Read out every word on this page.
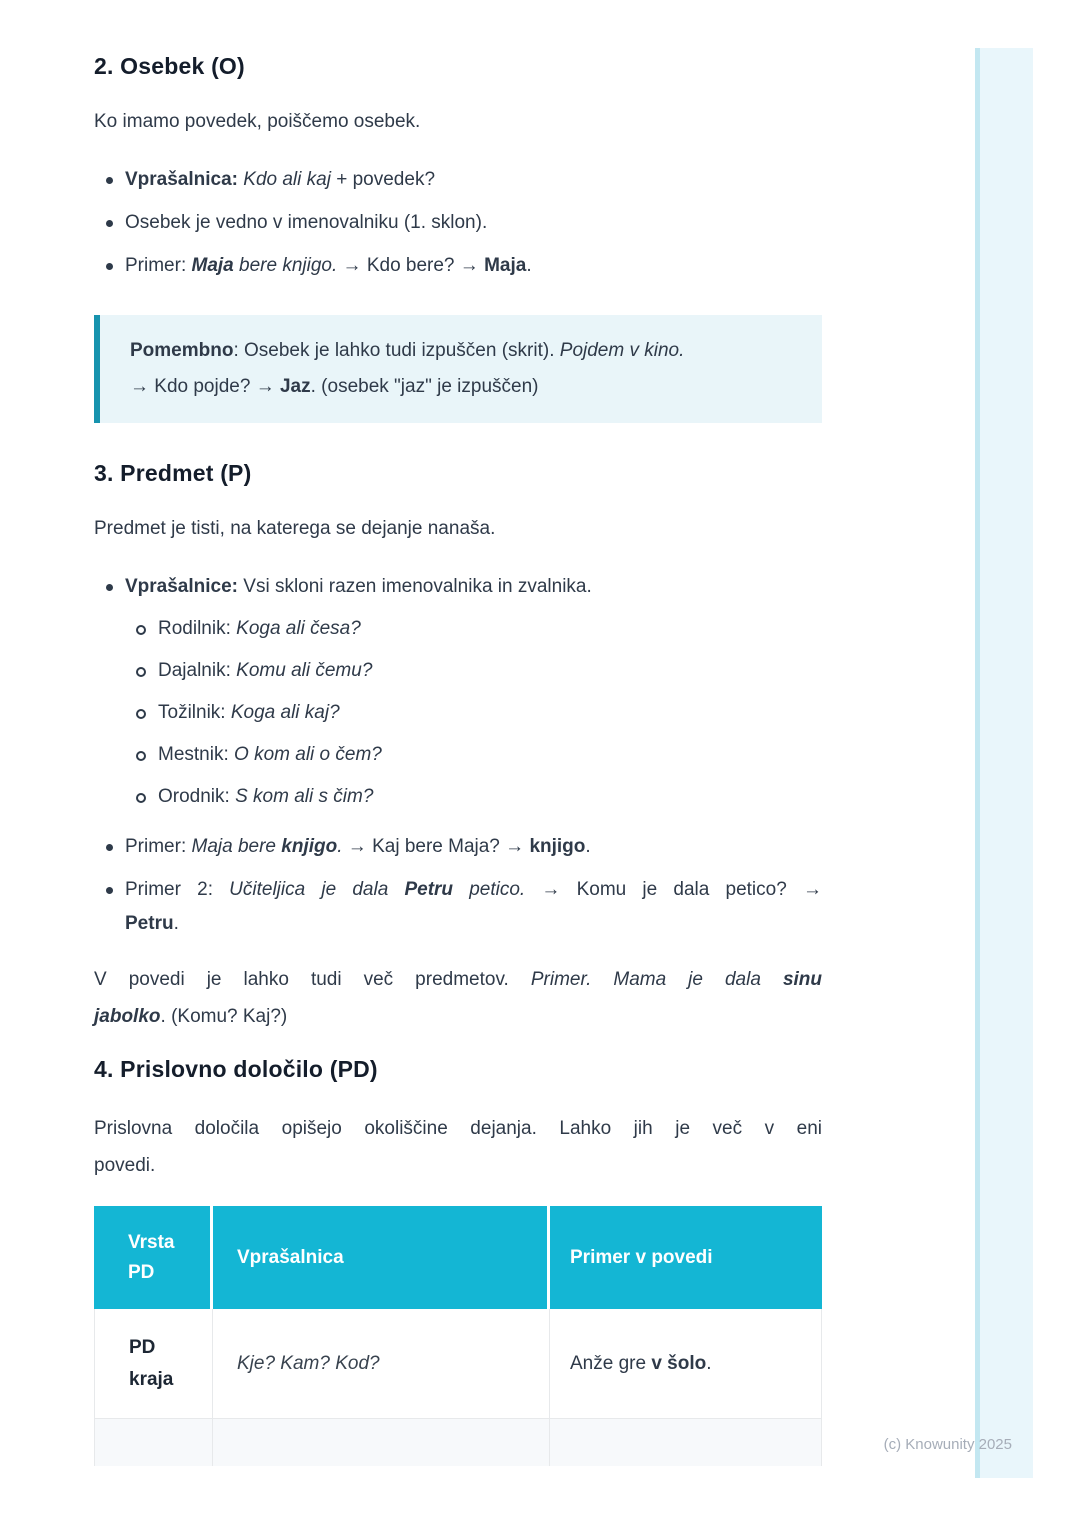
2. Osebek (O)

Ko imamo povedek, poiščemo osebek.

Vprašalnica: Kdo ali kaj + povedek?
Osebek je vedno v imenovalniku (1. sklon).
Primer: Maja bere knjigo. → Kdo bere? → Maja.
Pomembno: Osebek je lahko tudi izpuščen (skrit). Pojdem v kino.
→ Kdo pojde? → Jaz. (osebek "jaz" je izpuščen)
3. Predmet (P)

Predmet je tisti, na katerega se dejanje nanaša.

Vprašalnice: Vsi skloni razen imenovalnika in zvalnika.
Rodilnik: Koga ali česa?
Dajalnik: Komu ali čemu?
Tožilnik: Koga ali kaj?
Mestnik: O kom ali o čem?
Orodnik: S kom ali s čim?
Primer: Maja bere knjigo. → Kaj bere Maja? → knjigo.
Primer 2: Učiteljica je dala Petru petico. → Komu je dala petico? →
Petru.

V povedi je lahko tudi več predmetov. Primer. Mama je dala sinu
jabolko. (Komu? Kaj?)

4. Prislovno določilo (PD)

Prislovna določila opišejo okoliščine dejanja. Lahko jih je več v eni
povedi.

Vrsta PD	Vprašalnica	Primer v povedi
PD kraja	Kje? Kam? Kod?	Anže gre v šolo.

(c) Knowunity 2025
